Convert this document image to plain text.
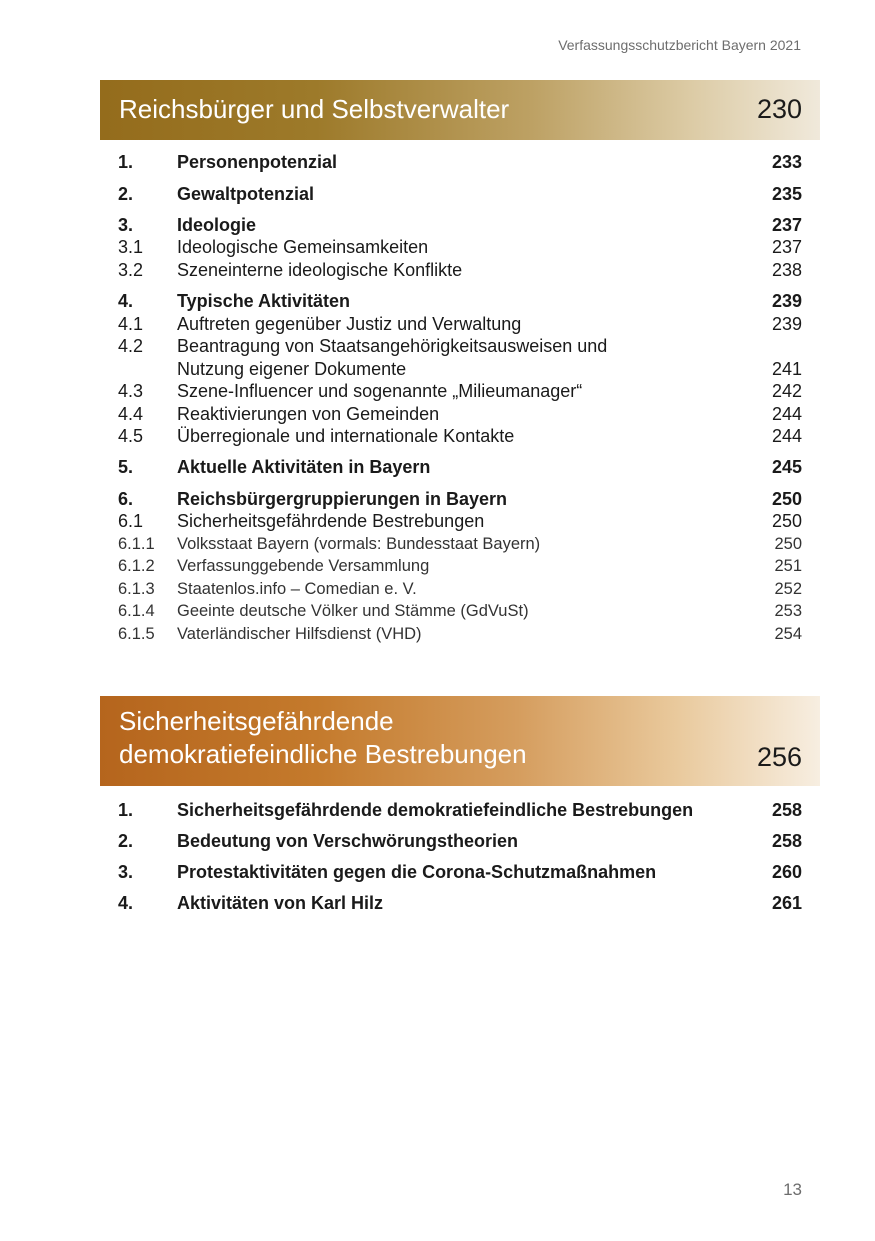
Verfassungsschutzbericht Bayern 2021
Reichsbürger und Selbstverwalter	230
1. Personenpotenzial	233
2. Gewaltpotenzial	235
3. Ideologie	237
3.1 Ideologische Gemeinsamkeiten	237
3.2 Szeneinterne ideologische Konflikte	238
4. Typische Aktivitäten	239
4.1 Auftreten gegenüber Justiz und Verwaltung	239
4.2 Beantragung von Staatsangehörigkeitsausweisen und
Nutzung eigener Dokumente	241
4.3 Szene-Influencer und sogenannte „Milieumanager“	242
4.4 Reaktivierungen von Gemeinden	244
4.5 Überregionale und internationale Kontakte	244
5. Aktuelle Aktivitäten in Bayern	245
6. Reichsbürgergruppierungen in Bayern	250
6.1 Sicherheitsgefährdende Bestrebungen	250
6.1.1 Volksstaat Bayern (vormals: Bundesstaat Bayern)	250
6.1.2 Verfassunggebende Versammlung	251
6.1.3 Staatenlos.info – Comedian e. V.	252
6.1.4 Geeinte deutsche Völker und Stämme (GdVuSt)	253
6.1.5 Vaterländischer Hilfsdienst (VHD)	254
Sicherheitsgefährdende
demokratiefeindliche Bestrebungen	256
1. Sicherheitsgefährdende demokratiefeindliche Bestrebungen	258
2. Bedeutung von Verschwörungstheorien	258
3. Protestaktivitäten gegen die Corona-Schutzmaßnahmen	260
4. Aktivitäten von Karl Hilz	261
13
